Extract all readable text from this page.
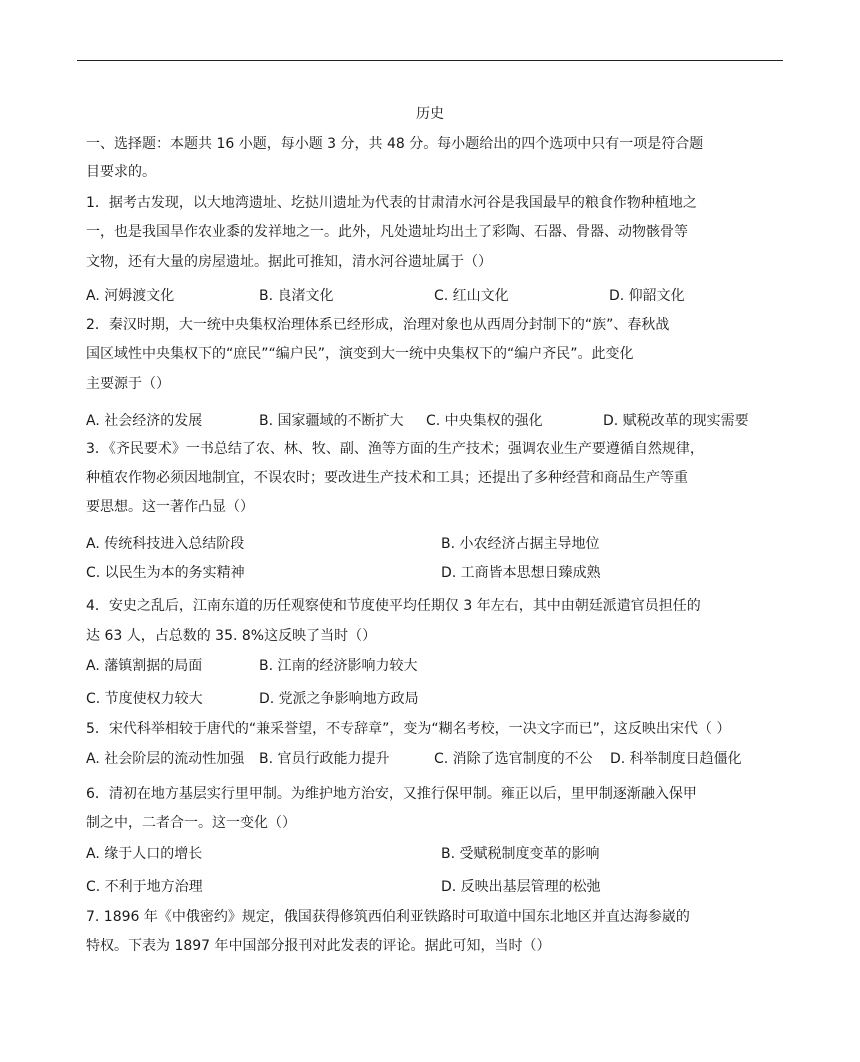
历史
一、选择题：本题共 16 小题，每小题 3 分，共 48 分。每小题给出的四个选项中只有一项是符合题
目要求的。
1．据考古发现，以大地湾遗址、圪挞川遗址为代表的甘肃清水河谷是我国最早的粮食作物种植地之
一，也是我国旱作农业黍的发祥地之一。此外，凡处遗址均出土了彩陶、石器、骨器、动物骸骨等
文物，还有大量的房屋遗址。据此可推知，清水河谷遗址属于（）
A. 河姆渡文化	B. 良渚文化	C. 红山文化	D. 仰韶文化
2．秦汉时期，大一统中央集权治理体系已经形成，治理对象也从西周分封制下的“族”、春秋战
国区域性中央集权下的“庶民”“编户民”，演变到大一统中央集权下的“编户齐民”。此变化
主要源于（）
A. 社会经济的发展	B. 国家疆域的不断扩大 C. 中央集权的强化	D. 赋税改革的现实需要
3．《齐民要术》一书总结了农、林、牧、副、渔等方面的生产技术；强调农业生产要遵循自然规律，
种植农作物必须因地制宜，不误农时；要改进生产技术和工具；还提出了多种经营和商品生产等重
要思想。这一著作凸显（）
A. 传统科技进入总结阶段	B. 小农经济占据主导地位
C. 以民生为本的务实精神	D. 工商皆本思想日臻成熟
4．安史之乱后，江南东道的历任观察使和节度使平均任期仅 3 年左右，其中由朝廷派遣官员担任的
达 63 人，占总数的 35. 8%这反映了当时（）
A. 藩镇割据的局面	B. 江南的经济影响力较大
C. 节度使权力较大	D. 党派之争影响地方政局
5．宋代科举相较于唐代的“兼采誉望，不专辞章”，变为“糊名考校，一决文字而已”，这反映出宋代（ ）
A. 社会阶层的流动性加强 B. 官员行政能力提升	C. 消除了选官制度的不公 D. 科举制度日趋僵化
6．清初在地方基层实行里甲制。为维护地方治安，又推行保甲制。雍正以后，里甲制逐渐融入保甲
制之中，二者合一。这一变化（）
A. 缘于人口的增长	B. 受赋税制度变革的影响
C. 不利于地方治理	D. 反映出基层管理的松弛
7. 1896 年《中俄密约》规定，俄国获得修筑西伯利亚铁路时可取道中国东北地区并直达海参崴的
特权。下表为 1897 年中国部分报刊对此发表的评论。据此可知，当时（）
